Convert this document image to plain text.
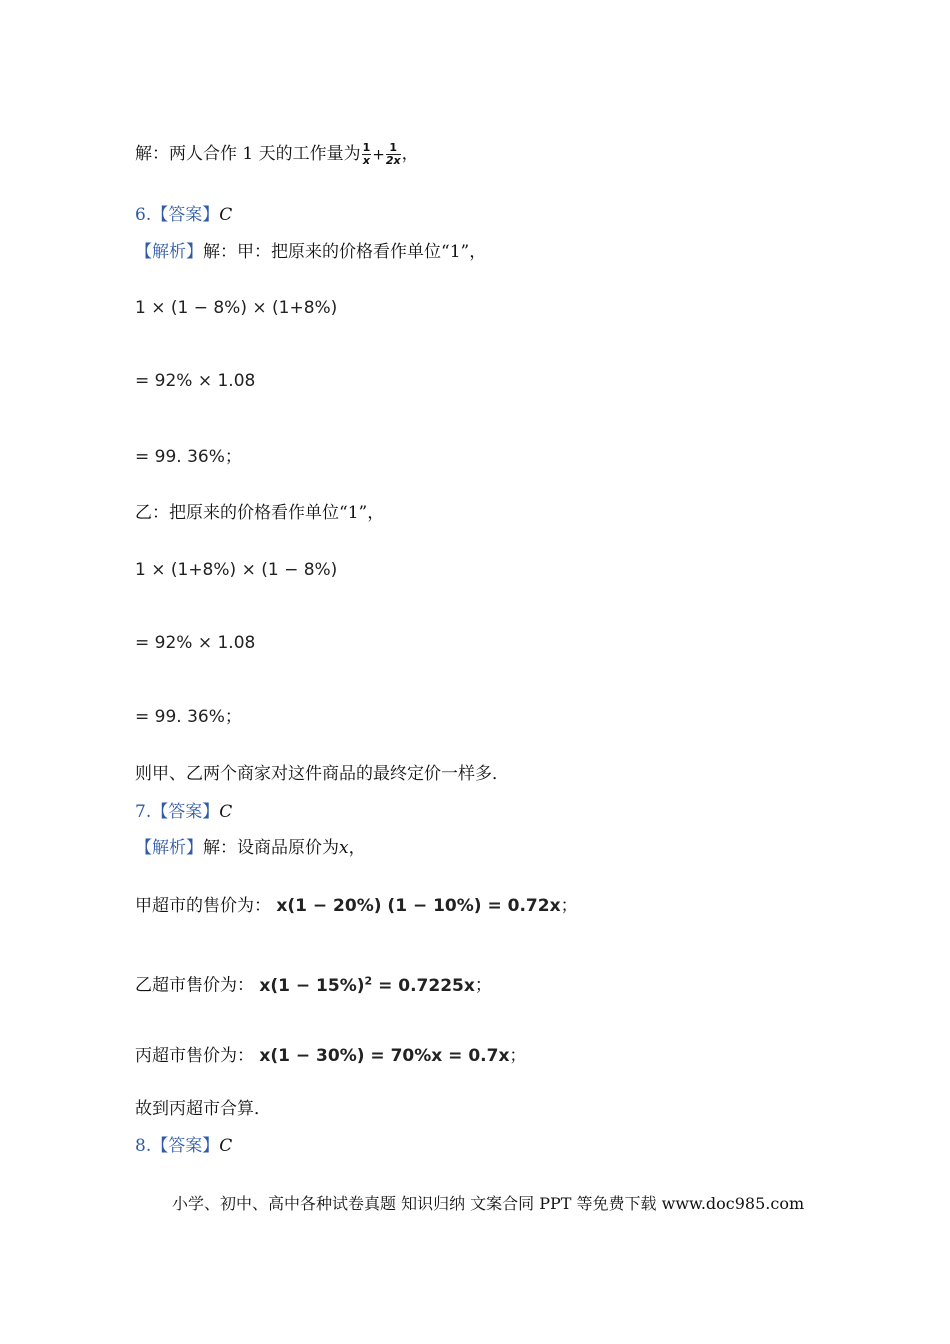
解：两人合作 1 天的工作量为 $\frac{1}{x} + \frac{1}{2x}$ ，
6.【答案】C
【解析】解：甲：把原来的价格看作单位“1”，
1 × (1 − 8%) × (1+8%)
= 92% × 1.08
= 99. 36%；
乙：把原来的价格看作单位“1”，
1 × (1+8%) × (1 − 8%)
= 92% × 1.08
= 99. 36%；
则甲、乙两个商家对这件商品的最终定价一样多．
7.【答案】C
【解析】解：设商品原价为x，
甲超市的售价为： x(1 − 20%) (1 − 10%) = 0.72x；
乙超市售价为： $x(1 - 15\%)^2 = 0.7225x$；
丙超市售价为： x(1 − 30%) = 70%x = 0.7x；
故到丙超市合算．
8.【答案】C
小学、初中、高中各种试卷真题 知识归纳 文案合同 PPT 等免费下载 www.doc985.com
